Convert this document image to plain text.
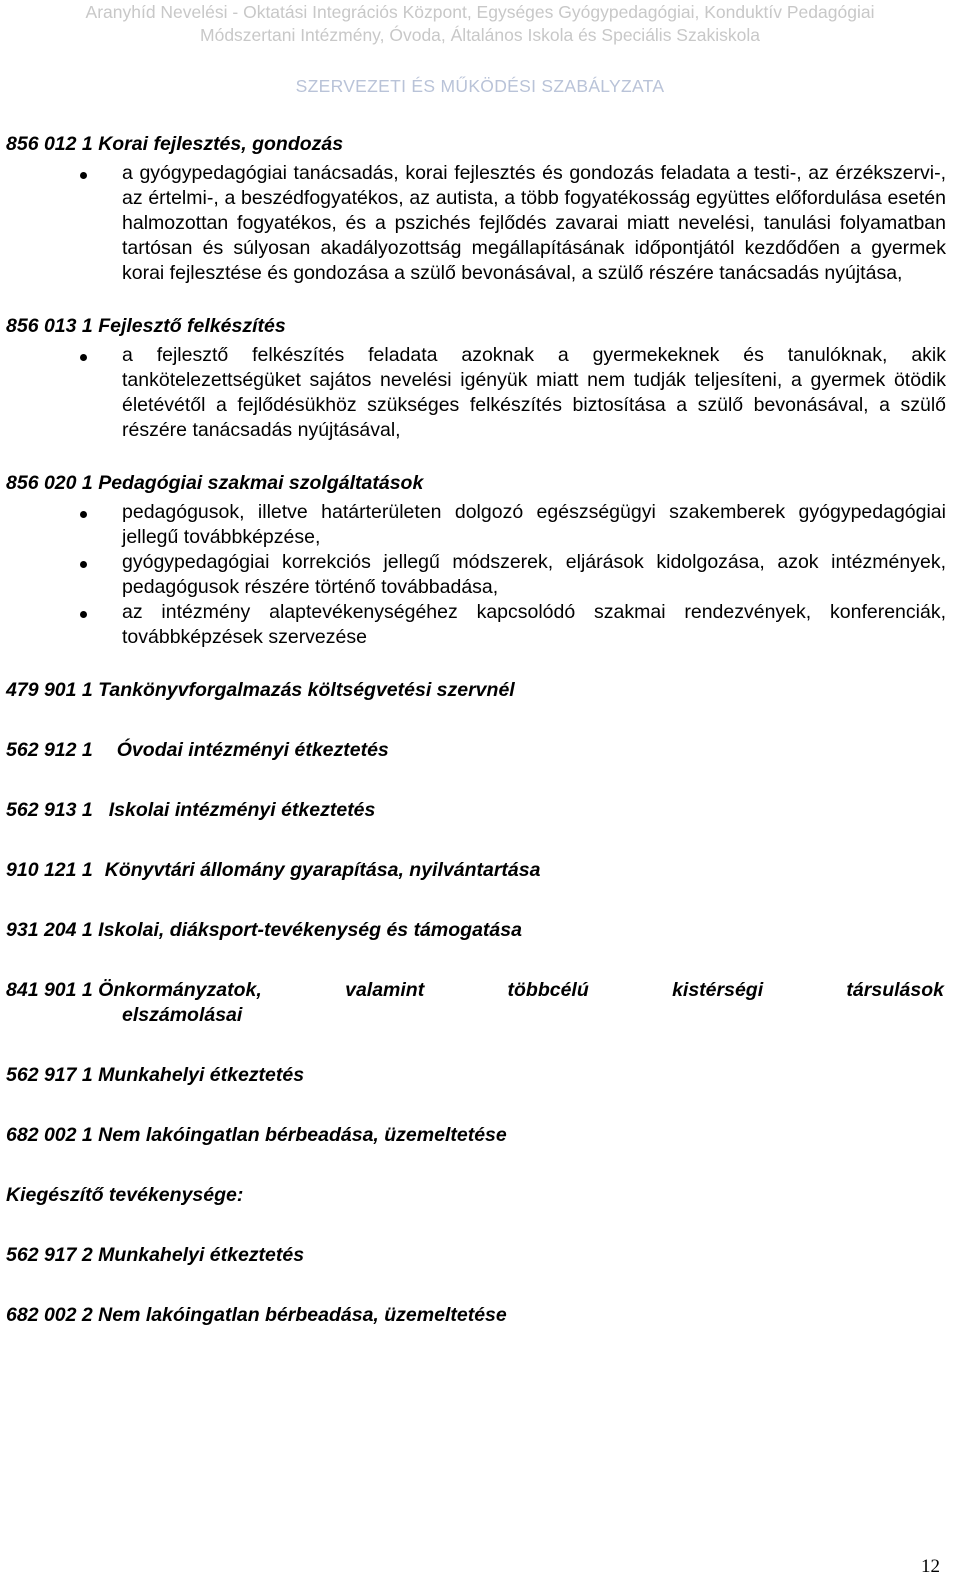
Aranyhíd Nevelési - Oktatási Integrációs Központ, Egységes Gyógypedagógiai, Konduktív Pedagógiai
Módszertani Intézmény, Óvoda, Általános Iskola és Speciális Szakiskola
SZERVEZETI ÉS MŰKÖDÉSI SZABÁLYZATA

856 012 1 Korai fejlesztés, gondozás

a gyógypedagógiai tanácsadás, korai fejlesztés és gondozás feladata a testi-, az érzékszervi-, az értelmi-, a beszédfogyatékos, az autista, a több fogyatékosság együttes előfordulása esetén halmozottan fogyatékos, és a pszichés fejlődés zavarai miatt nevelési, tanulási folyamatban tartósan és súlyosan akadályozottság megállapításának időpontjától kezdődően a gyermek korai fejlesztése és gondozása a szülő bevonásával, a szülő részére tanácsadás nyújtása,

856 013 1 Fejlesztő felkészítés

a fejlesztő felkészítés feladata azoknak a gyermekeknek és tanulóknak, akik tankötelezettségüket sajátos nevelési igényük miatt nem tudják teljesíteni, a gyermek ötödik életévétől a fejlődésükhöz szükséges felkészítés biztosítása a szülő bevonásával, a szülő részére tanácsadás nyújtásával,

856 020 1 Pedagógiai szakmai szolgáltatások

pedagógusok, illetve határterületen dolgozó egészségügyi szakemberek gyógypedagógiai jellegű továbbképzése,
gyógypedagógiai korrekciós jellegű módszerek, eljárások kidolgozása, azok intézmények, pedagógusok részére történő továbbadása,
az intézmény alaptevékenységéhez kapcsolódó szakmai rendezvények, konferenciák, továbbképzések szervezése

479 901 1 Tankönyvforgalmazás költségvetési szervnél

562 912 1 Óvodai intézményi étkeztetés

562 913 1 Iskolai intézményi étkeztetés

910 121 1 Könyvtári állomány gyarapítása, nyilvántartása

931 204 1 Iskolai, diáksport-tevékenység és támogatása

841 901 1 Önkormányzatok,	valamint	többcélú	kistérségi	társulások
elszámolásai

562 917 1 Munkahelyi étkeztetés

682 002 1 Nem lakóingatlan bérbeadása, üzemeltetése

Kiegészítő tevékenysége:

562 917 2 Munkahelyi étkeztetés

682 002 2 Nem lakóingatlan bérbeadása, üzemeltetése

12
